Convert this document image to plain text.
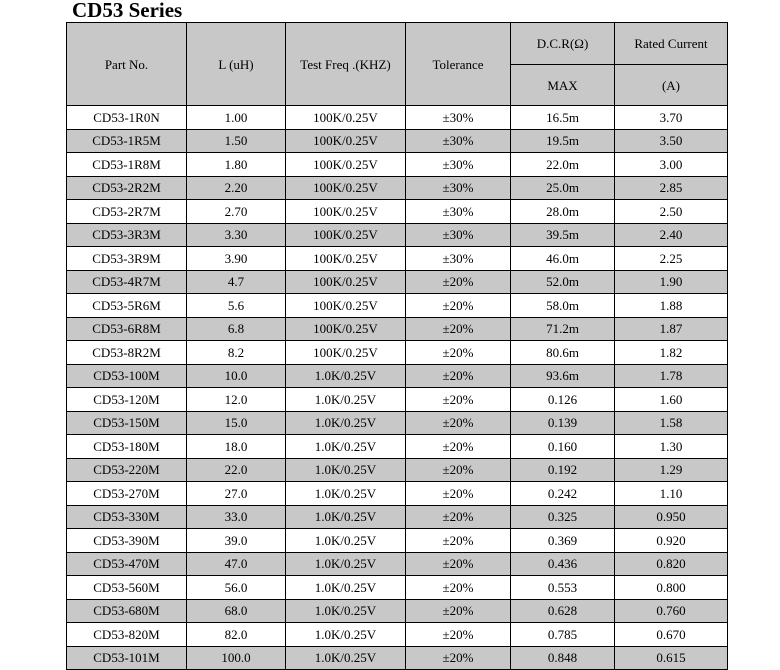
CD53 Series
Part No.	L (uH)	Test Freq .(KHZ)	Tolerance	D.C.R(Ω)	Rated Current
				MAX	(A)
CD53-1R0N	1.00	100K/0.25V	±30%	16.5m	3.70
CD53-1R5M	1.50	100K/0.25V	±30%	19.5m	3.50
CD53-1R8M	1.80	100K/0.25V	±30%	22.0m	3.00
CD53-2R2M	2.20	100K/0.25V	±30%	25.0m	2.85
CD53-2R7M	2.70	100K/0.25V	±30%	28.0m	2.50
CD53-3R3M	3.30	100K/0.25V	±30%	39.5m	2.40
CD53-3R9M	3.90	100K/0.25V	±30%	46.0m	2.25
CD53-4R7M	4.7	100K/0.25V	±20%	52.0m	1.90
CD53-5R6M	5.6	100K/0.25V	±20%	58.0m	1.88
CD53-6R8M	6.8	100K/0.25V	±20%	71.2m	1.87
CD53-8R2M	8.2	100K/0.25V	±20%	80.6m	1.82
CD53-100M	10.0	1.0K/0.25V	±20%	93.6m	1.78
CD53-120M	12.0	1.0K/0.25V	±20%	0.126	1.60
CD53-150M	15.0	1.0K/0.25V	±20%	0.139	1.58
CD53-180M	18.0	1.0K/0.25V	±20%	0.160	1.30
CD53-220M	22.0	1.0K/0.25V	±20%	0.192	1.29
CD53-270M	27.0	1.0K/0.25V	±20%	0.242	1.10
CD53-330M	33.0	1.0K/0.25V	±20%	0.325	0.950
CD53-390M	39.0	1.0K/0.25V	±20%	0.369	0.920
CD53-470M	47.0	1.0K/0.25V	±20%	0.436	0.820
CD53-560M	56.0	1.0K/0.25V	±20%	0.553	0.800
CD53-680M	68.0	1.0K/0.25V	±20%	0.628	0.760
CD53-820M	82.0	1.0K/0.25V	±20%	0.785	0.670
CD53-101M	100.0	1.0K/0.25V	±20%	0.848	0.615
